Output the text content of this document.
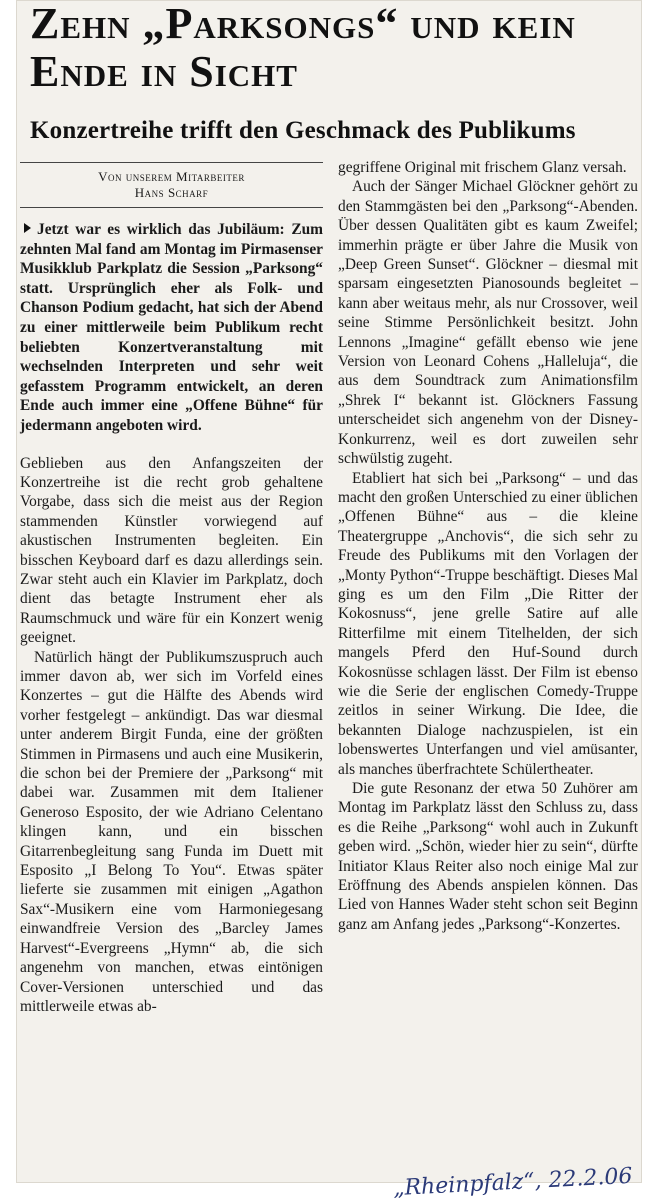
Zehn „Parksongs“ und kein Ende in Sicht
Konzertreihe trifft den Geschmack des Publikums
Von unserem Mitarbeiter
Hans Scharf
Jetzt war es wirklich das Jubiläum: Zum zehnten Mal fand am Montag im Pirmasenser Musikklub Parkplatz die Session „Parksong“ statt. Ursprünglich eher als Folk- und Chanson Podium gedacht, hat sich der Abend zu einer mittlerweile beim Publikum recht beliebten Konzertveranstaltung mit wechselnden Interpreten und sehr weit gefasstem Programm entwickelt, an deren Ende auch immer eine „Offene Bühne“ für jedermann angeboten wird.

Geblieben aus den Anfangszeiten der Konzertreihe ist die recht grob gehaltene Vorgabe, dass sich die meist aus der Region stammenden Künstler vorwiegend auf akustischen Instrumenten begleiten. Ein bisschen Keyboard darf es dazu allerdings sein. Zwar steht auch ein Klavier im Parkplatz, doch dient das betagte Instrument eher als Raumschmuck und wäre für ein Konzert wenig geeignet.

Natürlich hängt der Publikumszuspruch auch immer davon ab, wer sich im Vorfeld eines Konzertes – gut die Hälfte des Abends wird vorher festgelegt – ankündigt. Das war diesmal unter anderem Birgit Funda, eine der größten Stimmen in Pirmasens und auch eine Musikerin, die schon bei der Premiere der „Parksong“ mit dabei war. Zusammen mit dem Italiener Generoso Esposito, der wie Adriano Celentano klingen kann, und ein bisschen Gitarrenbegleitung sang Funda im Duett mit Esposito „I Belong To You“. Etwas später lieferte sie zusammen mit einigen „Agathon Sax“-Musikern eine vom Harmoniegesang einwandfreie Version des „Barcley James Harvest“-Evergreens „Hymn“ ab, die sich angenehm von manchen, etwas eintönigen Cover-Versionen unterschied und das mittlerweile etwas ab-

gegriffene Original mit frischem Glanz versah.

Auch der Sänger Michael Glöckner gehört zu den Stammgästen bei den „Parksong“-Abenden. Über dessen Qualitäten gibt es kaum Zweifel; immerhin prägte er über Jahre die Musik von „Deep Green Sunset“. Glöckner – diesmal mit sparsam eingesetzten Pianosounds begleitet – kann aber weitaus mehr, als nur Crossover, weil seine Stimme Persönlichkeit besitzt. John Lennons „Imagine“ gefällt ebenso wie jene Version von Leonard Cohens „Halleluja“, die aus dem Soundtrack zum Animationsfilm „Shrek I“ bekannt ist. Glöckners Fassung unterscheidet sich angenehm von der Disney-Konkurrenz, weil es dort zuweilen sehr schwülstig zugeht.

Etabliert hat sich bei „Parksong“ – und das macht den großen Unterschied zu einer üblichen „Offenen Bühne“ aus – die kleine Theatergruppe „Anchovis“, die sich sehr zu Freude des Publikums mit den Vorlagen der „Monty Python“-Truppe beschäftigt. Dieses Mal ging es um den Film „Die Ritter der Kokosnuss“, jene grelle Satire auf alle Ritterfilme mit einem Titelhelden, der sich mangels Pferd den Huf-Sound durch Kokosnüsse schlagen lässt. Der Film ist ebenso wie die Serie der englischen Comedy-Truppe zeitlos in seiner Wirkung. Die Idee, die bekannten Dialoge nachzuspielen, ist ein lobenswertes Unterfangen und viel amüsanter, als manches überfrachtete Schülertheater.

Die gute Resonanz der etwa 50 Zuhörer am Montag im Parkplatz lässt den Schluss zu, dass es die Reihe „Parksong“ wohl auch in Zukunft geben wird. „Schön, wieder hier zu sein“, dürfte Initiator Klaus Reiter also noch einige Mal zur Eröffnung des Abends anspielen können. Das Lied von Hannes Wader steht schon seit Beginn ganz am Anfang jedes „Parksong“-Konzertes.

„Rheinpfalz“, 22.2.06
